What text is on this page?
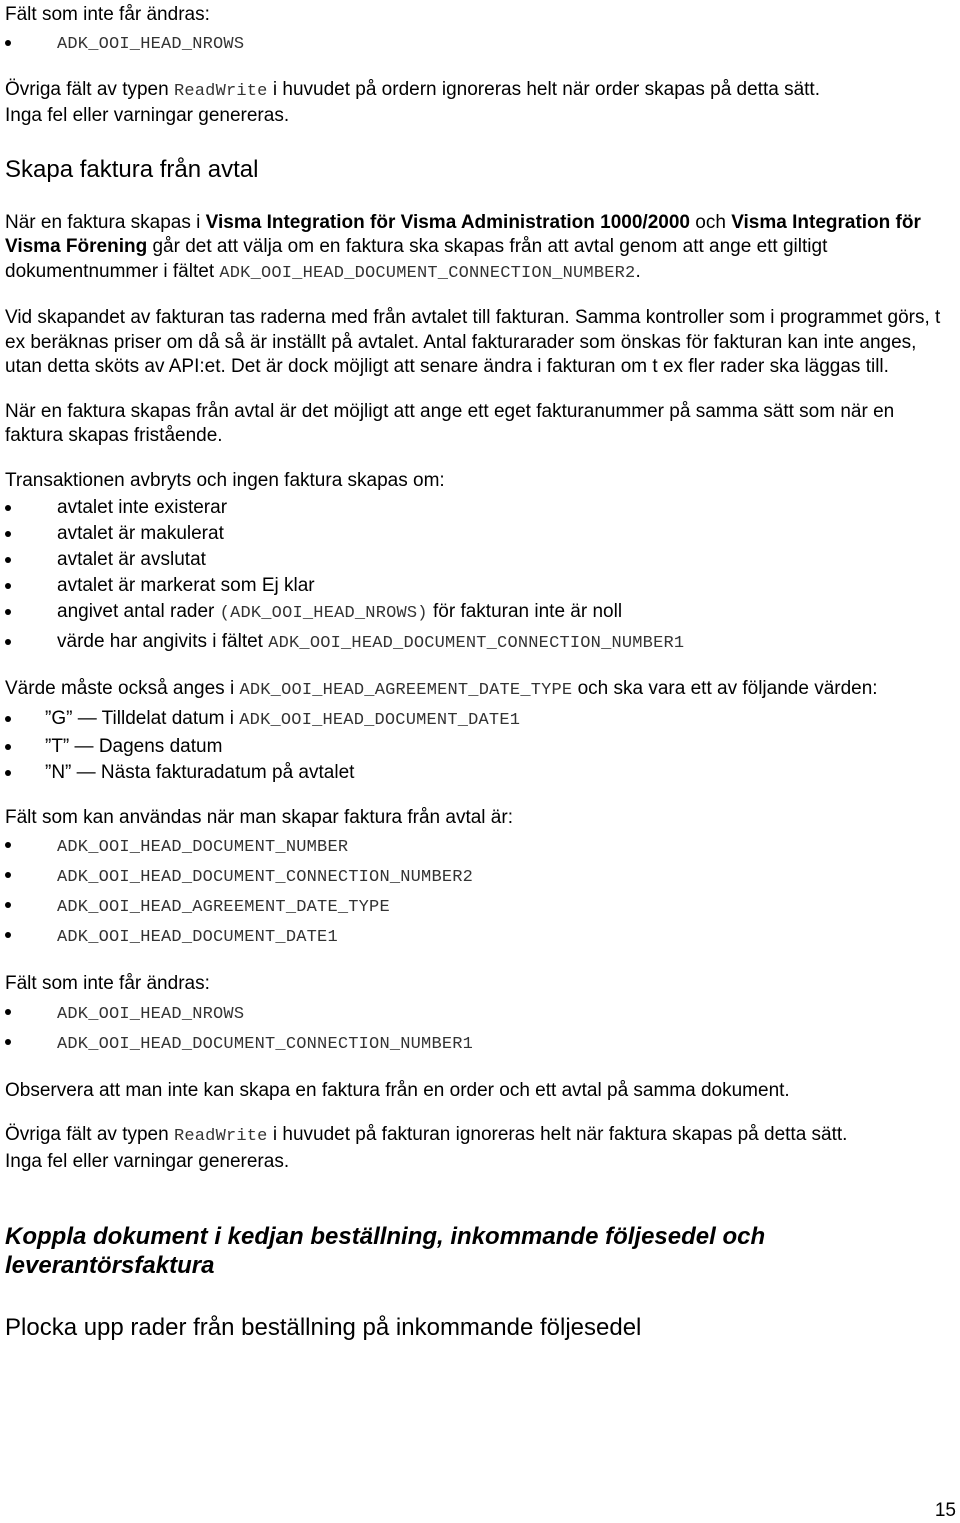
Fält som inte får ändras:

ADK_OOI_HEAD_NROWS

Övriga fält av typen ReadWrite i huvudet på ordern ignoreras helt när order skapas på detta sätt.
Inga fel eller varningar genereras.

Skapa faktura från avtal

När en faktura skapas i Visma Integration för Visma Administration 1000/2000 och Visma Integration för Visma Förening går det att välja om en faktura ska skapas från att avtal genom att ange ett giltigt dokumentnummer i fältet ADK_OOI_HEAD_DOCUMENT_CONNECTION_NUMBER2.

Vid skapandet av fakturan tas raderna med från avtalet till fakturan. Samma kontroller som i programmet görs, t ex beräknas priser om då så är inställt på avtalet. Antal fakturarader som önskas för fakturan kan inte anges, utan detta sköts av API:et. Det är dock möjligt att senare ändra i fakturan om t ex fler rader ska läggas till.

När en faktura skapas från avtal är det möjligt att ange ett eget fakturanummer på samma sätt som när en faktura skapas fristående.

Transaktionen avbryts och ingen faktura skapas om:

avtalet inte existerar
avtalet är makulerat
avtalet är avslutat
avtalet är markerat som Ej klar
angivet antal rader (ADK_OOI_HEAD_NROWS) för fakturan inte är noll
värde har angivits i fältet ADK_OOI_HEAD_DOCUMENT_CONNECTION_NUMBER1

Värde måste också anges i ADK_OOI_HEAD_AGREEMENT_DATE_TYPE och ska vara ett av följande värden:

”G” — Tilldelat datum i ADK_OOI_HEAD_DOCUMENT_DATE1
”T” — Dagens datum
”N” — Nästa fakturadatum på avtalet

Fält som kan användas när man skapar faktura från avtal är:

ADK_OOI_HEAD_DOCUMENT_NUMBER
ADK_OOI_HEAD_DOCUMENT_CONNECTION_NUMBER2
ADK_OOI_HEAD_AGREEMENT_DATE_TYPE
ADK_OOI_HEAD_DOCUMENT_DATE1

Fält som inte får ändras:

ADK_OOI_HEAD_NROWS
ADK_OOI_HEAD_DOCUMENT_CONNECTION_NUMBER1

Observera att man inte kan skapa en faktura från en order och ett avtal på samma dokument.

Övriga fält av typen ReadWrite i huvudet på fakturan ignoreras helt när faktura skapas på detta sätt.
Inga fel eller varningar genereras.

Koppla dokument i kedjan beställning, inkommande följesedel och leverantörsfaktura

Plocka upp rader från beställning på inkommande följesedel

15
